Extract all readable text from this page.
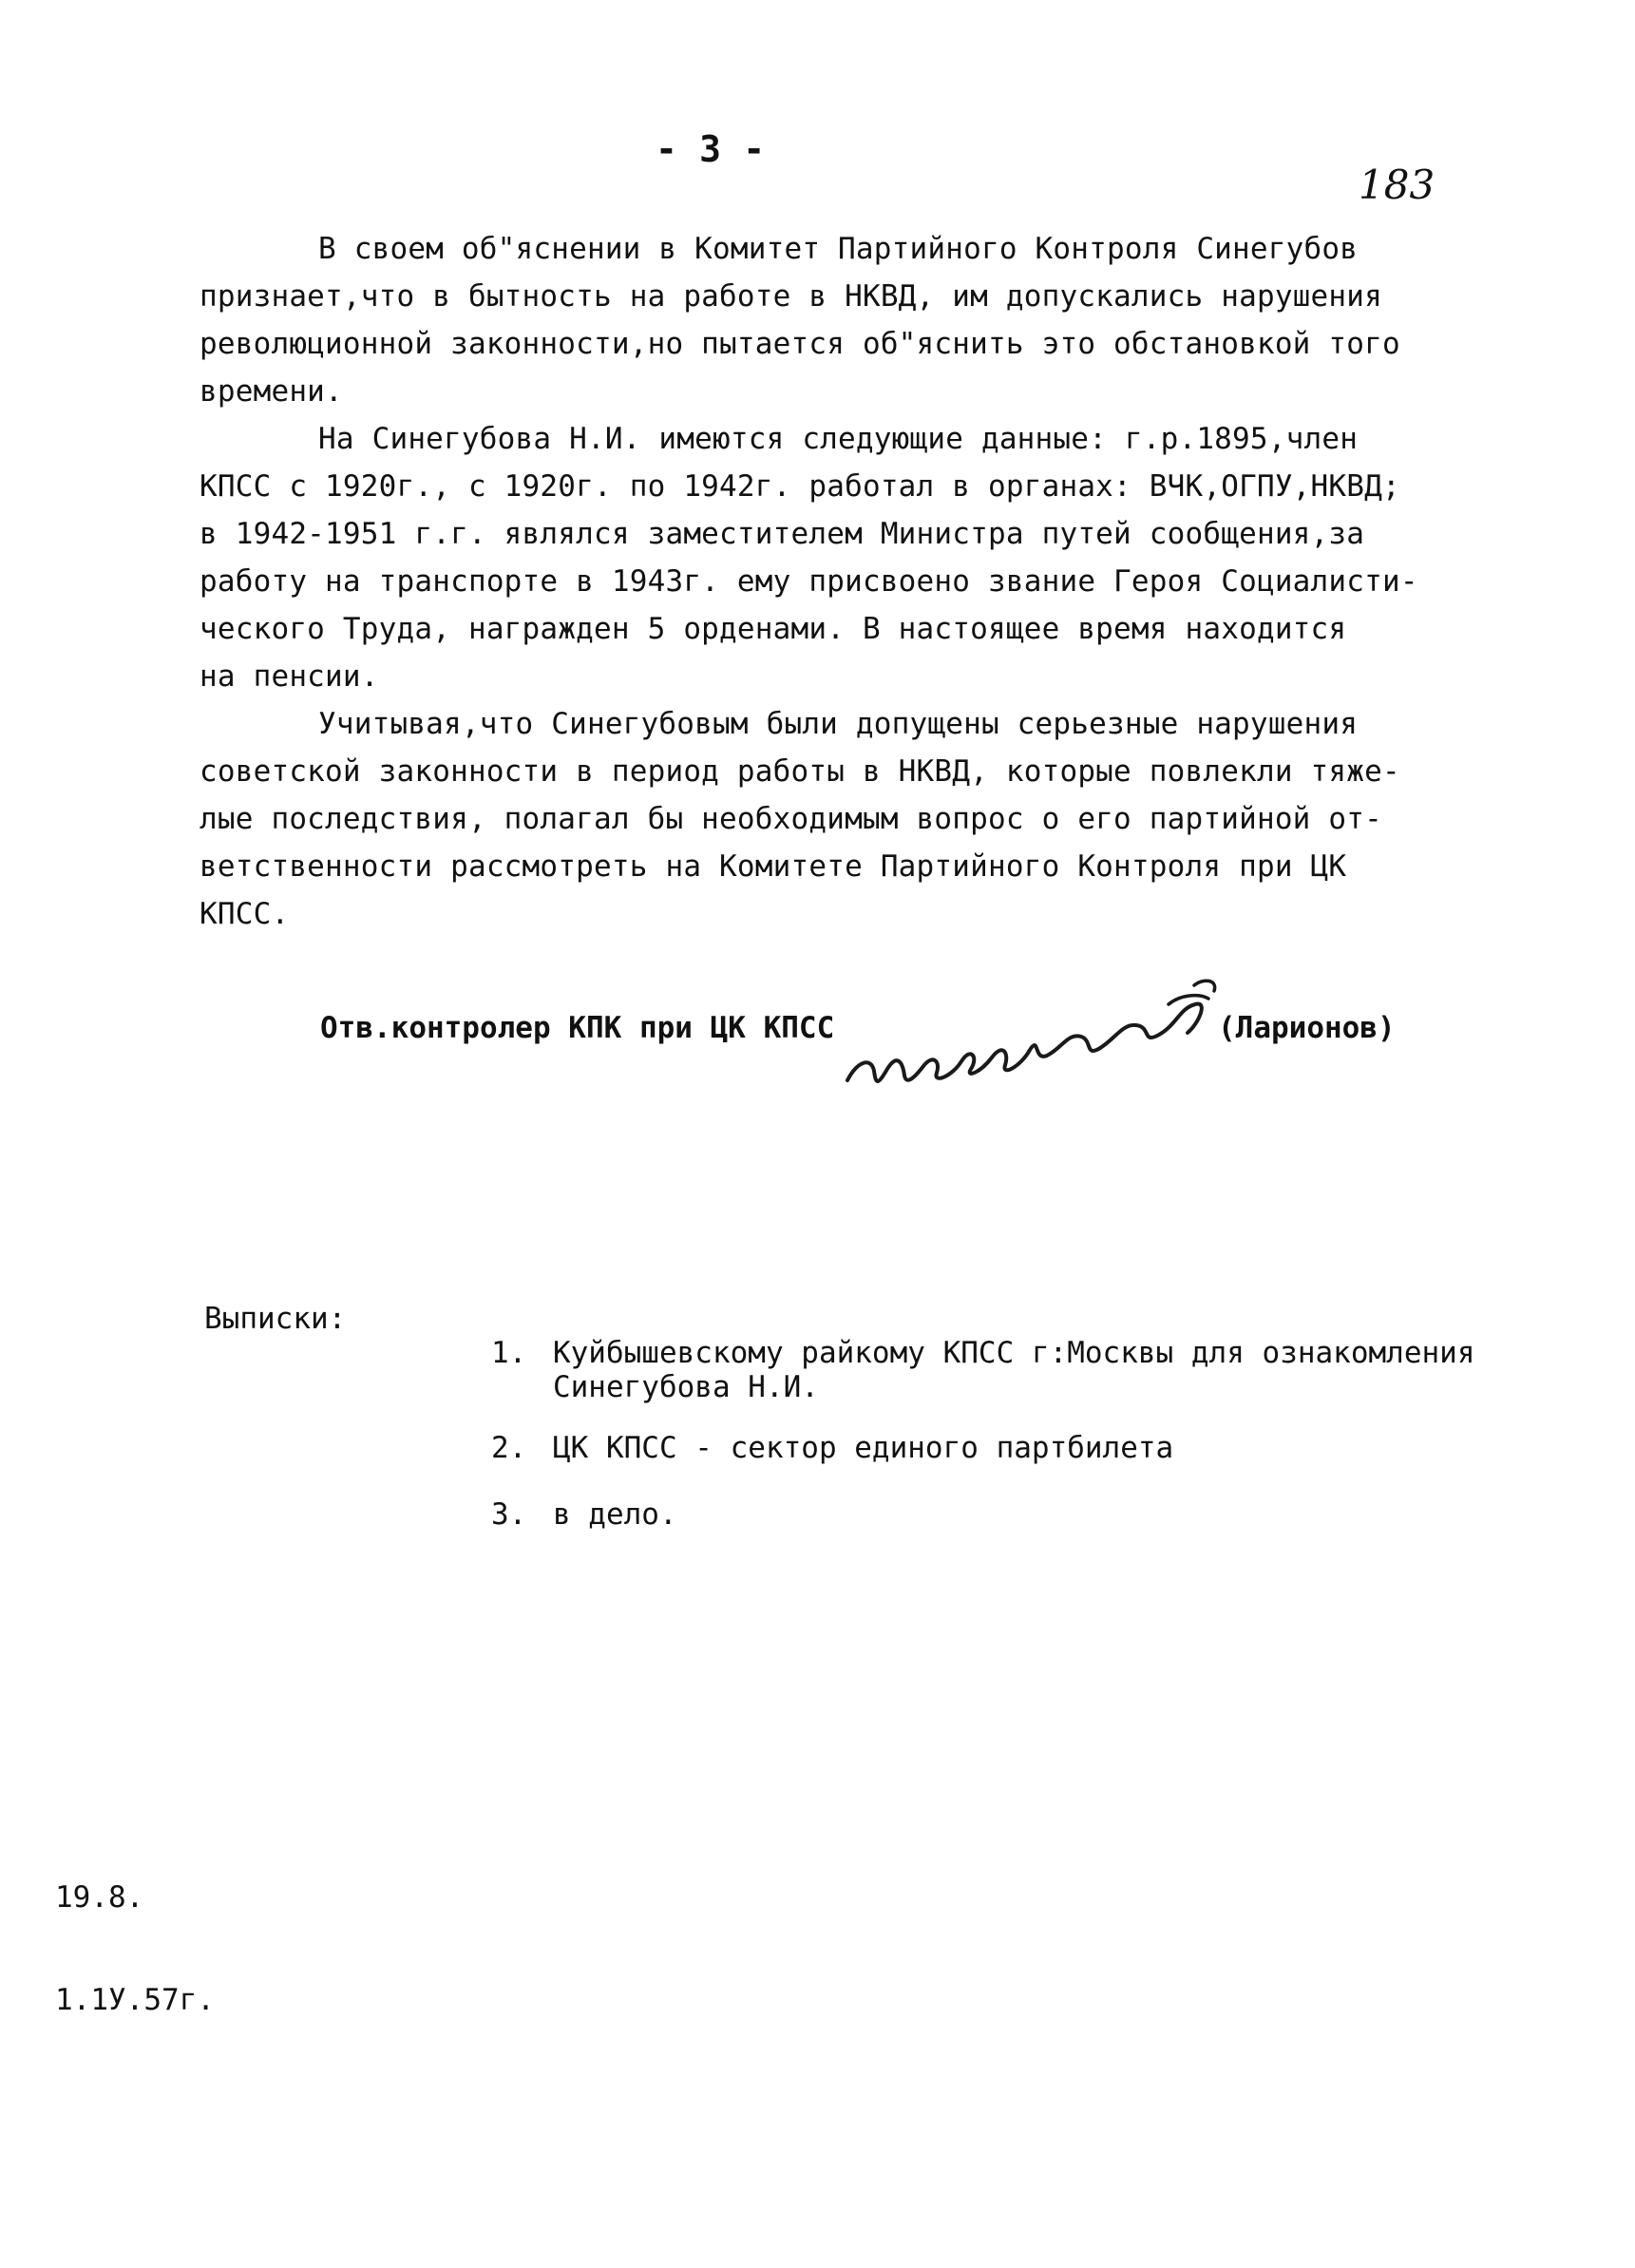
- 3 -
183
В своем об"яснении в Комитет Партийного Контроля Синегубов
признает,что в бытность на работе в НКВД, им допускались нарушения
революционной законности,но пытается об"яснить это обстановкой того
времени.
На Синегубова Н.И. имеются следующие данные: г.р.1895,член
КПСС с 1920г., с 1920г. по 1942г. работал в органах: ВЧК,ОГПУ,НКВД;
в 1942-1951 г.г. являлся заместителем Министра путей сообщения,за
работу на транспорте в 1943г. ему присвоено звание Героя Социалисти-
ческого Труда, награжден 5 орденами. В настоящее время находится
на пенсии.
Учитывая,что Синегубовым были допущены серьезные нарушения
советской законности в период работы в НКВД, которые повлекли тяже-
лые последствия, полагал бы необходимым вопрос о его партийной от-
ветственности рассмотреть на Комитете Партийного Контроля при ЦК
КПСС.
Отв.контролер КПК при ЦК КПСС	(Ларионов)
Выписки:

1. Куйбышевскому райкому КПСС г:Москвы для ознакомления
Синегубова Н.И.

2. ЦК КПСС - сектор единого партбилета

3. в дело.

19.8.

1.1У.57г.
